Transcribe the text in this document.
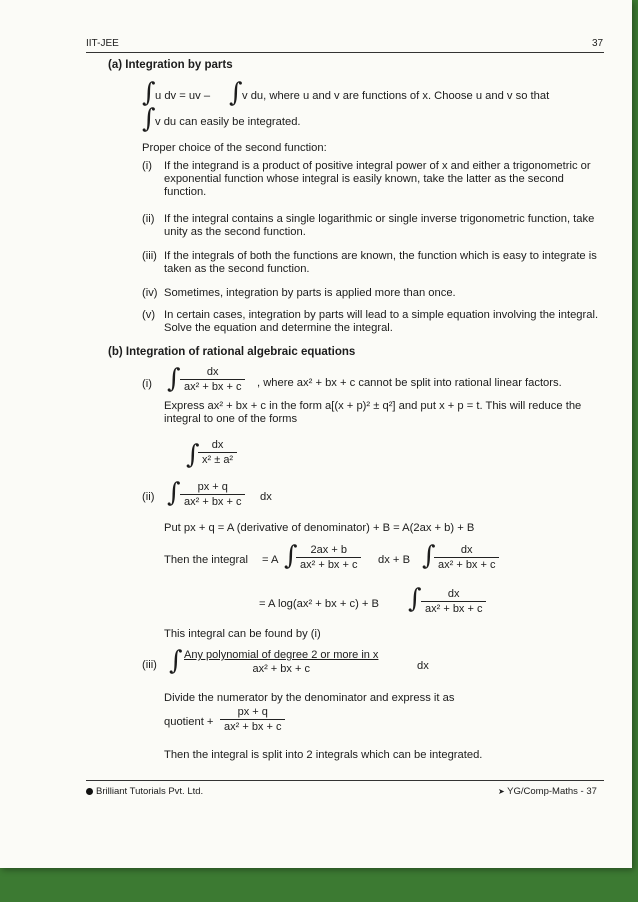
IIT-JEE	37
(a) Integration by parts
∫ u dv = uv – ∫ v du, where u and v are functions of x. Choose u and v so that
∫ v du can easily be integrated.
Proper choice of the second function:
(i) If the integrand is a product of positive integral power of x and either a trigonometric or exponential function whose integral is easily known, take the latter as the second function.
(ii) If the integral contains a single logarithmic or single inverse trigonometric function, take unity as the second function.
(iii) If the integrals of both the functions are known, the function which is easy to integrate is taken as the second function.
(iv) Sometimes, integration by parts is applied more than once.
(v) In certain cases, integration by parts will lead to a simple equation involving the integral. Solve the equation and determine the integral.
(b) Integration of rational algebraic equations
(i) ∫ $\frac{dx}{\text{ax² + bx + c}}$ , where ax² + bx + c cannot be split into rational linear factors.
Express ax² + bx + c in the form a[(x + p)² ± q²] and put x + p = t. This will reduce the integral to one of the forms
∫
$\frac{dx}{\text{x² ± a²}}$
(ii) ∫ $\frac{px + q}{\text{ax² + bx + c}}$ dx
Put px + q = A (derivative of denominator) + B = A(2ax + b) + B
Then the integral = A ∫
$\frac{2ax + b}{\text{ax² + bx + c}}$ dx + B ∫
$\frac{dx}{\text{ax² + bx + c}}$
= A log(ax² + bx + c) + B ∫ $\frac{dx}{\text{ax² + bx + c}}$
This integral can be found by (i)
(iii) ∫
$\frac{\text{Any polynomial of degree 2 or more in x}}{\text{ax² + bx + c}}$	dx
Divide the numerator by the denominator and express it as
quotient + $\frac{px + q}{\text{ax² + bx + c}}$
Then the integral is split into 2 integrals which can be integrated.
Brilliant Tutorials Pvt. Ltd.	➤ YG/Comp-Maths - 37
